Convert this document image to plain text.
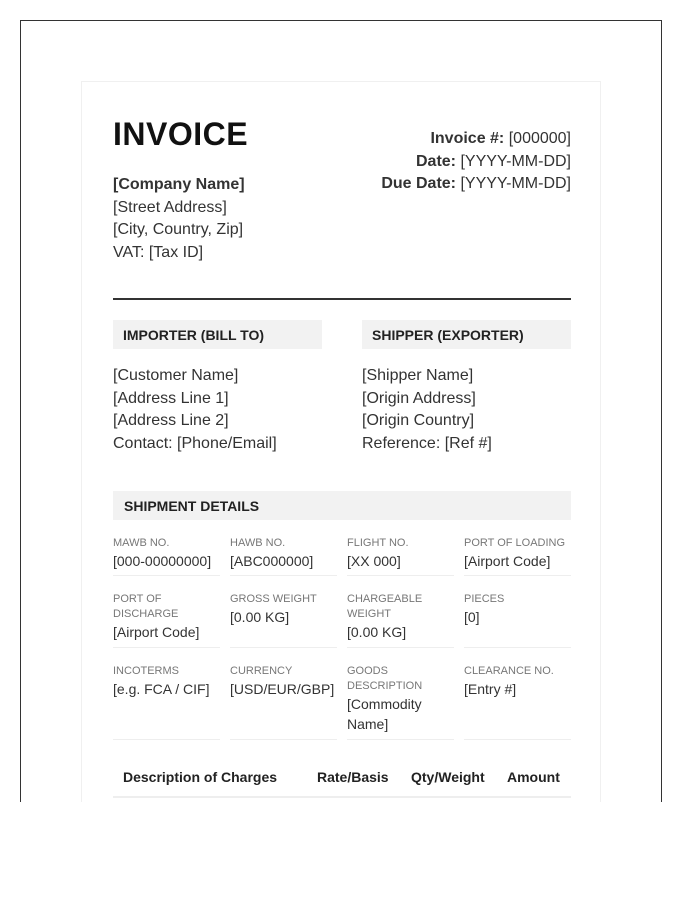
INVOICE
[Company Name]
[Street Address]
[City, Country, Zip]
VAT: [Tax ID]
Invoice #: [000000]
Date: [YYYY-MM-DD]
Due Date: [YYYY-MM-DD]
IMPORTER (BILL TO)
[Customer Name]
[Address Line 1]
[Address Line 2]
Contact: [Phone/Email]
SHIPPER (EXPORTER)
[Shipper Name]
[Origin Address]
[Origin Country]
Reference: [Ref #]
SHIPMENT DETAILS
MAWB NO.
[000-00000000]
HAWB NO.
[ABC000000]
FLIGHT NO.
[XX 000]
PORT OF LOADING
[Airport Code]
PORT OF DISCHARGE
[Airport Code]
GROSS WEIGHT
[0.00 KG]
CHARGEABLE WEIGHT
[0.00 KG]
PIECES
[0]
INCOTERMS
[e.g. FCA / CIF]
CURRENCY
[USD/EUR/GBP]
GOODS DESCRIPTION
[Commodity Name]
CLEARANCE NO.
[Entry #]
Description of Charges	Rate/Basis Qty/Weight Amount
